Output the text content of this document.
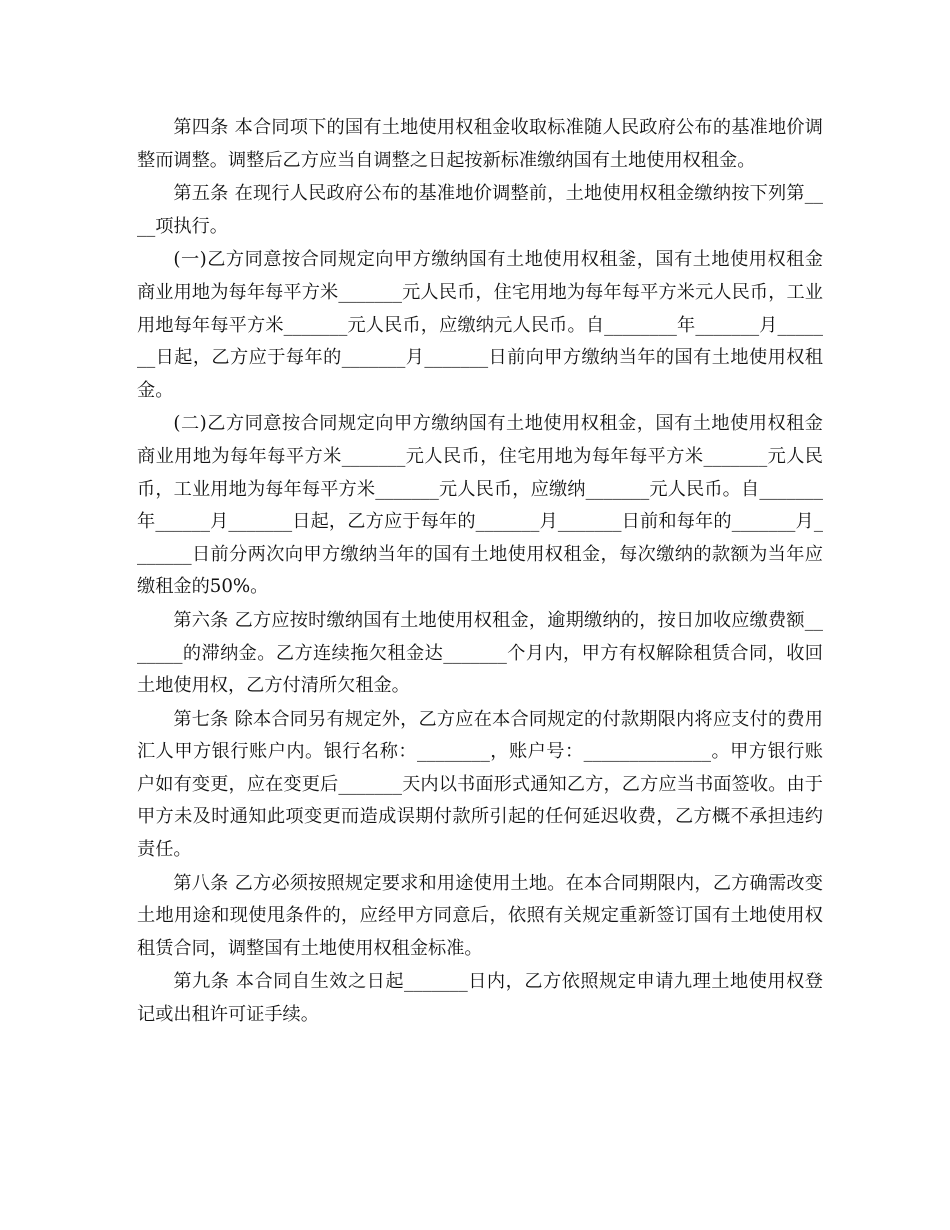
第四条 本合同项下的国有土地使用权租金收取标准随人民政府公布的基准地价调整而调整。调整后乙方应当自调整之日起按新标准缴纳国有土地使用权租金。

第五条 在现行人民政府公布的基准地价调整前，土地使用权租金缴纳按下列第____项执行。

(一)乙方同意按合同规定向甲方缴纳国有土地使用权租釜，国有土地使用权租金商业用地为每年每平方米_______元人民币，住宅用地为每年每平方米元人民币，工业用地每年每平方米_______元人民币，应缴纳元人民币。自________年_______月_______日起，乙方应于每年的_______月_______日前向甲方缴纳当年的国有土地使用权租金。

(二)乙方同意按合同规定向甲方缴纳国有土地使用权租金，国有土地使用权租金商业用地为每年每平方米_______元人民币，住宅用地为每年每平方米_______元人民币，工业用地为每年每平方米_______元人民币，应缴纳_______元人民币。自_______年______月_______日起，乙方应于每年的_______月_______日前和每年的_______月_______日前分两次向甲方缴纳当年的国有土地使用权租金，每次缴纳的款额为当年应缴租金的50%。

第六条 乙方应按时缴纳国有土地使用权租金，逾期缴纳的，按日加收应缴费额_______的滞纳金。乙方连续拖欠租金达_______个月内，甲方有权解除租赁合同，收回 土地使用权，乙方付清所欠租金。

第七条 除本合同另有规定外，乙方应在本合同规定的付款期限内将应支付的费用汇人甲方银行账户内。银行名称：________，账户号：______________。甲方银行账户如有变更，应在变更后_______天内以书面形式通知乙方，乙方应当书面签收。由于甲方未及时通知此项变更而造成误期付款所引起的任何延迟收费，乙方概不承担违约责任。

第八条 乙方必须按照规定要求和用途使用土地。在本合同期限内，乙方确需改变土地用途和现使甩条件的，应经甲方同意后，依照有关规定重新签订国有土地使用权租赁合同，调整国有土地使用权租金标准。

第九条 本合同自生效之日起_______日内，乙方依照规定申请九理土地使用权登记或出租许可证手续。
